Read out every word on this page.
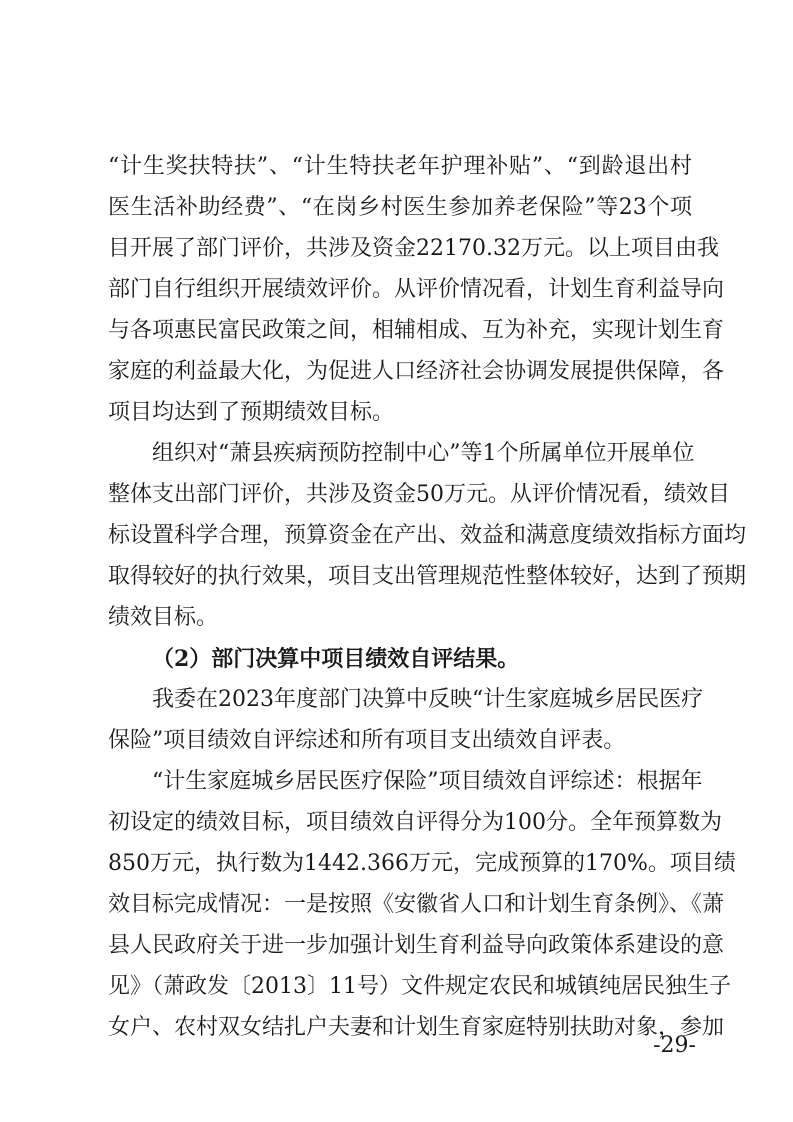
“计生奖扶特扶”、“计生特扶老年护理补贴”、“到龄退出村
医生活补助经费”、“在岗乡村医生参加养老保险”等23个项
目开展了部门评价，共涉及资金22170.32万元。以上项目由我
部门自行组织开展绩效评价。从评价情况看，计划生育利益导向
与各项惠民富民政策之间，相辅相成、互为补充，实现计划生育
家庭的利益最大化，为促进人口经济社会协调发展提供保障，各
项目均达到了预期绩效目标。
组织对“萧县疾病预防控制中心”等1个所属单位开展单位
整体支出部门评价，共涉及资金50万元。从评价情况看，绩效目
标设置科学合理，预算资金在产出、效益和满意度绩效指标方面均
取得较好的执行效果，项目支出管理规范性整体较好，达到了预期
绩效目标。
（2）部门决算中项目绩效自评结果。
我委在2023年度部门决算中反映“计生家庭城乡居民医疗
保险”项目绩效自评综述和所有项目支出绩效自评表。
“计生家庭城乡居民医疗保险”项目绩效自评综述：根据年
初设定的绩效目标，项目绩效自评得分为100分。全年预算数为
850万元，执行数为1442.366万元，完成预算的170%。项目绩
效目标完成情况：一是按照《安徽省人口和计划生育条例》、《萧
县人民政府关于进一步加强计划生育利益导向政策体系建设的意
见》（萧政发〔2013〕11号）文件规定农民和城镇纯居民独生子
女户、农村双女结扎户夫妻和计划生育家庭特别扶助对象，参加
-29-
